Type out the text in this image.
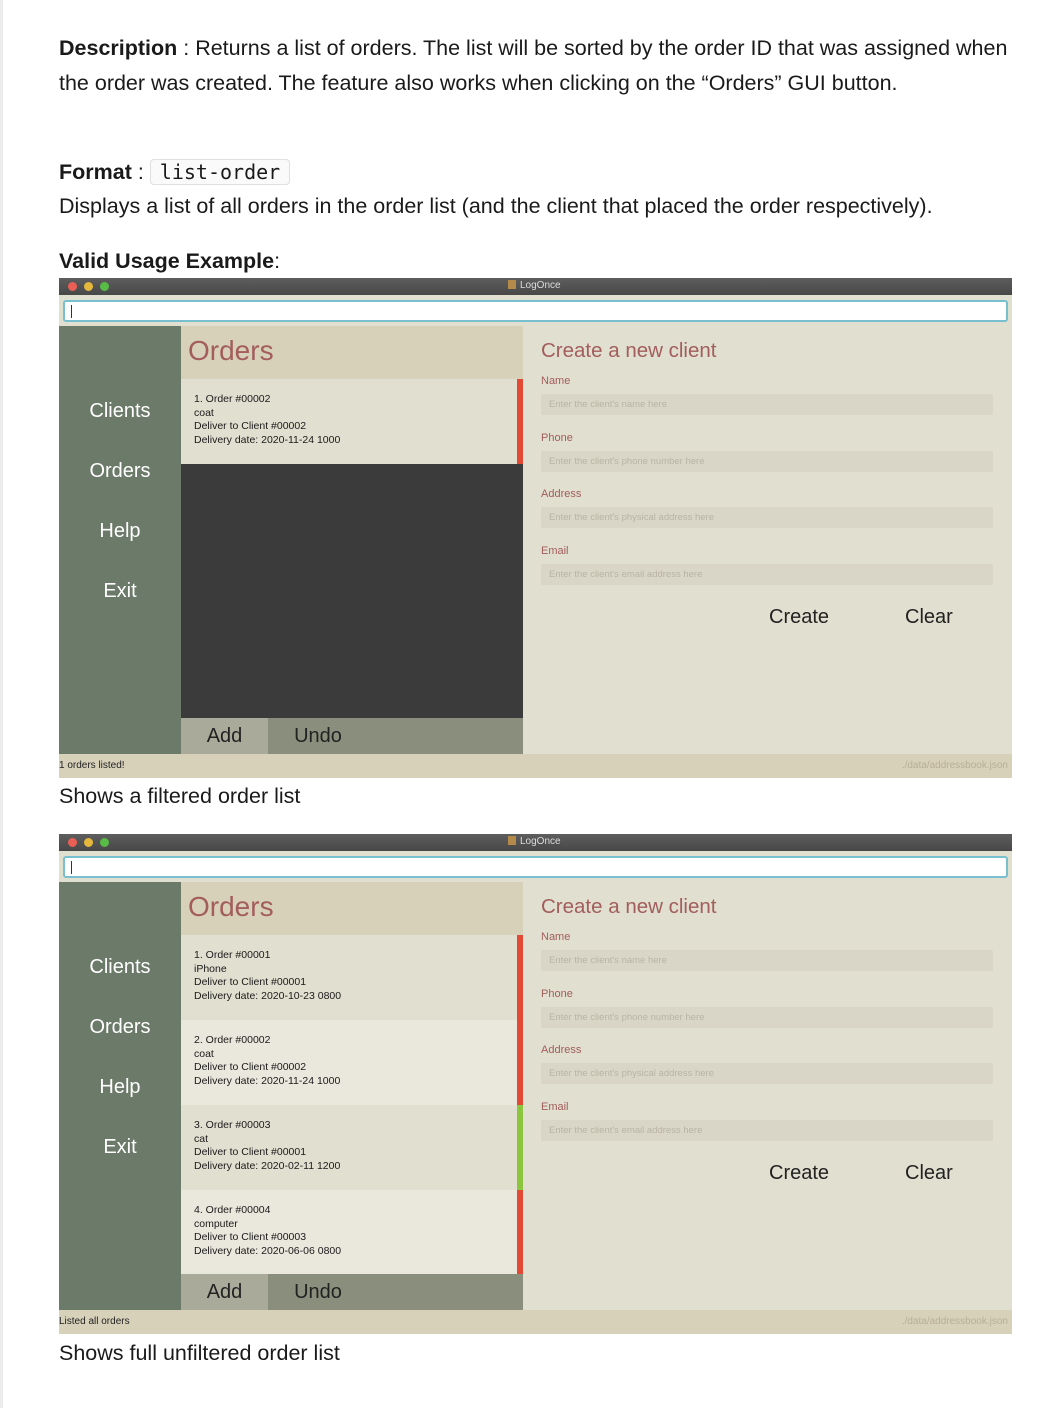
Description : Returns a list of orders. The list will be sorted by the order ID that was assigned when the order was created. The feature also works when clicking on the “Orders” GUI button.

Format : list-order

Displays a list of all orders in the order list (and the client that placed the order respectively).

Valid Usage Example:

LogOnce
Clients
Orders
Help
Exit
Orders
1. Order #00002
coat
Deliver to Client #00002
Delivery date: 2020-11-24 1000
Add	Undo
Create a new client
Name
Enter the client's name here
Phone
Enter the client's phone number here
Address
Enter the client's physical address here
Email
Enter the client's email address here
Create	Clear
1 orders listed!	./data/addressbook.json
Shows a filtered order list
LogOnce
Clients
Orders
Help
Exit
Orders
1. Order #00001
iPhone
Deliver to Client #00001
Delivery date: 2020-10-23 0800
2. Order #00002
coat
Deliver to Client #00002
Delivery date: 2020-11-24 1000
3. Order #00003
cat
Deliver to Client #00001
Delivery date: 2020-02-11 1200
4. Order #00004
computer
Deliver to Client #00003
Delivery date: 2020-06-06 0800
Add	Undo
Create a new client
Name
Enter the client's name here
Phone
Enter the client's phone number here
Address
Enter the client's physical address here
Email
Enter the client's email address here
Create	Clear
Listed all orders	./data/addressbook.json
Shows full unfiltered order list
